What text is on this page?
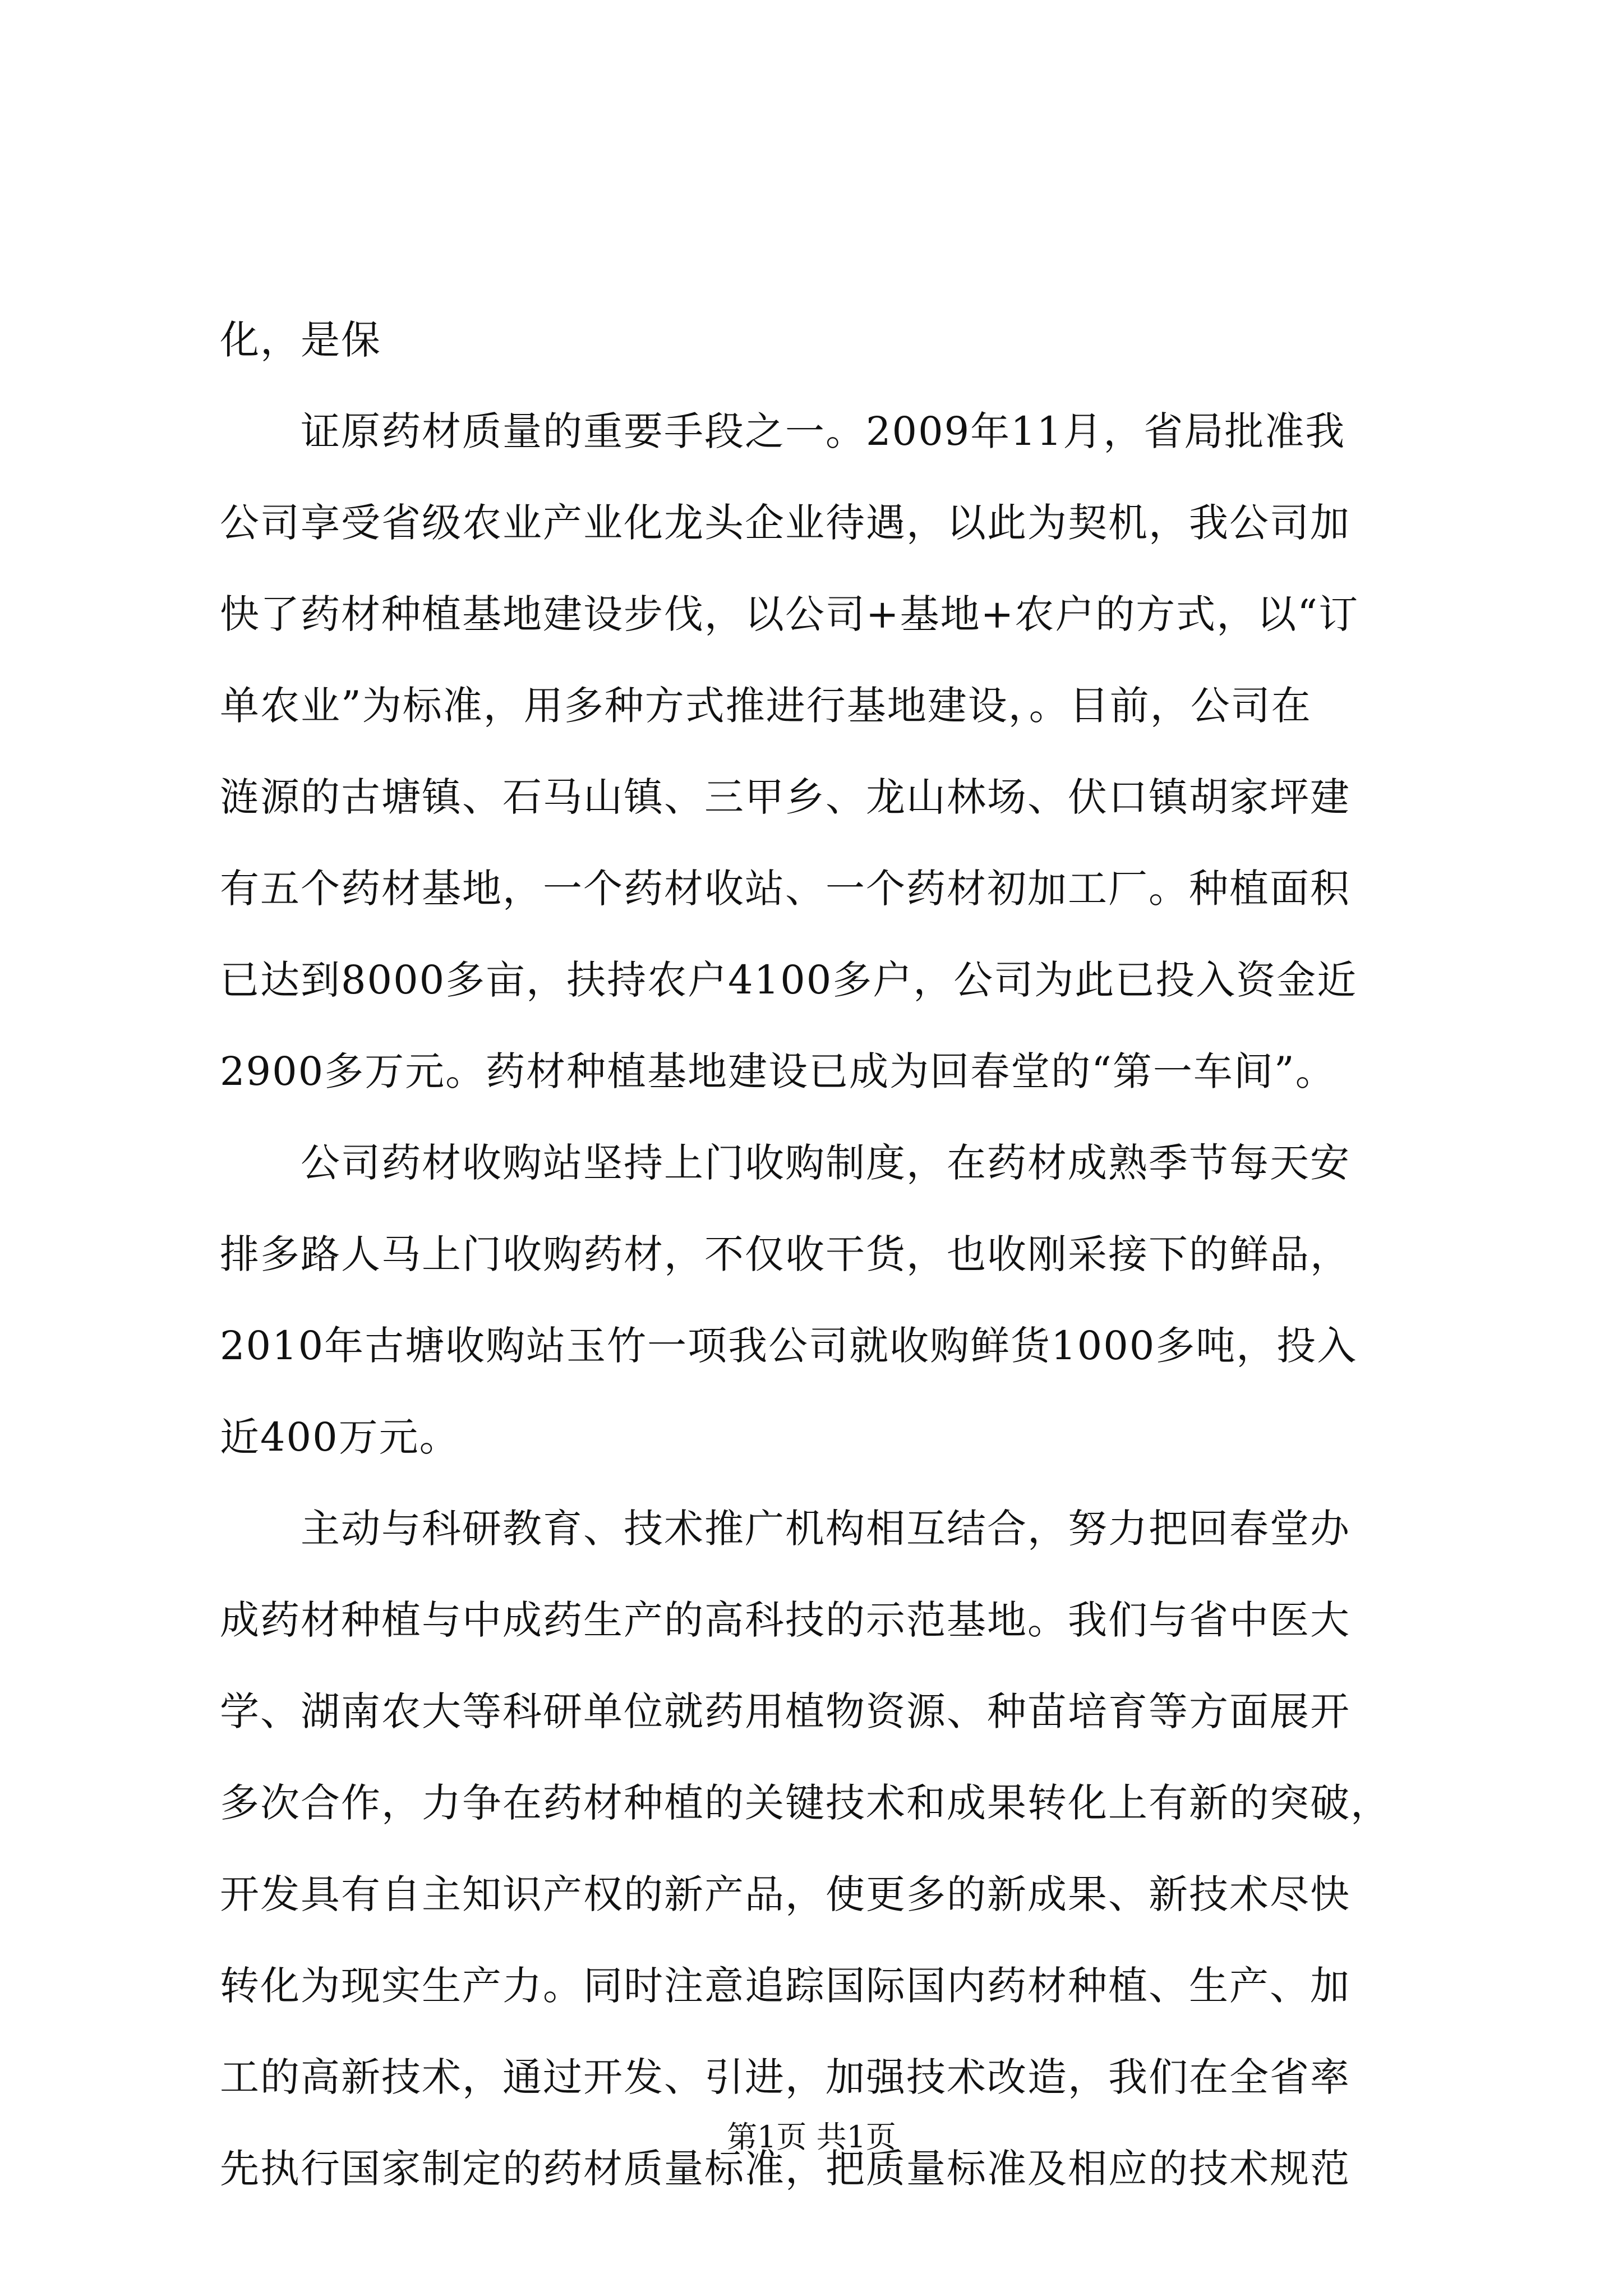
化，是保
　　证原药材质量的重要手段之一。2009年11月，省局批准我
公司享受省级农业产业化龙头企业待遇，以此为契机，我公司加
快了药材种植基地建设步伐，以公司+基地+农户的方式，以“订
单农业”为标准，用多种方式推进行基地建设，。目前，公司在
涟源的古塘镇、石马山镇、三甲乡、龙山林场、伏口镇胡家坪建
有五个药材基地，一个药材收站、一个药材初加工厂。种植面积
已达到8000多亩，扶持农户4100多户，公司为此已投入资金近
2900多万元。药材种植基地建设已成为回春堂的“第一车间”。
　　公司药材收购站坚持上门收购制度，在药材成熟季节每天安
排多路人马上门收购药材，不仅收干货，也收刚采接下的鲜品，
2010年古塘收购站玉竹一项我公司就收购鲜货1000多吨，投入
近400万元。
　　主动与科研教育、技术推广机构相互结合，努力把回春堂办
成药材种植与中成药生产的高科技的示范基地。我们与省中医大
学、湖南农大等科研单位就药用植物资源、种苗培育等方面展开
多次合作，力争在药材种植的关键技术和成果转化上有新的突破，
开发具有自主知识产权的新产品，使更多的新成果、新技术尽快
转化为现实生产力。同时注意追踪国际国内药材种植、生产、加
工的高新技术，通过开发、引进，加强技术改造，我们在全省率
先执行国家制定的药材质量标准，把质量标准及相应的技术规范
第1页 共1页
